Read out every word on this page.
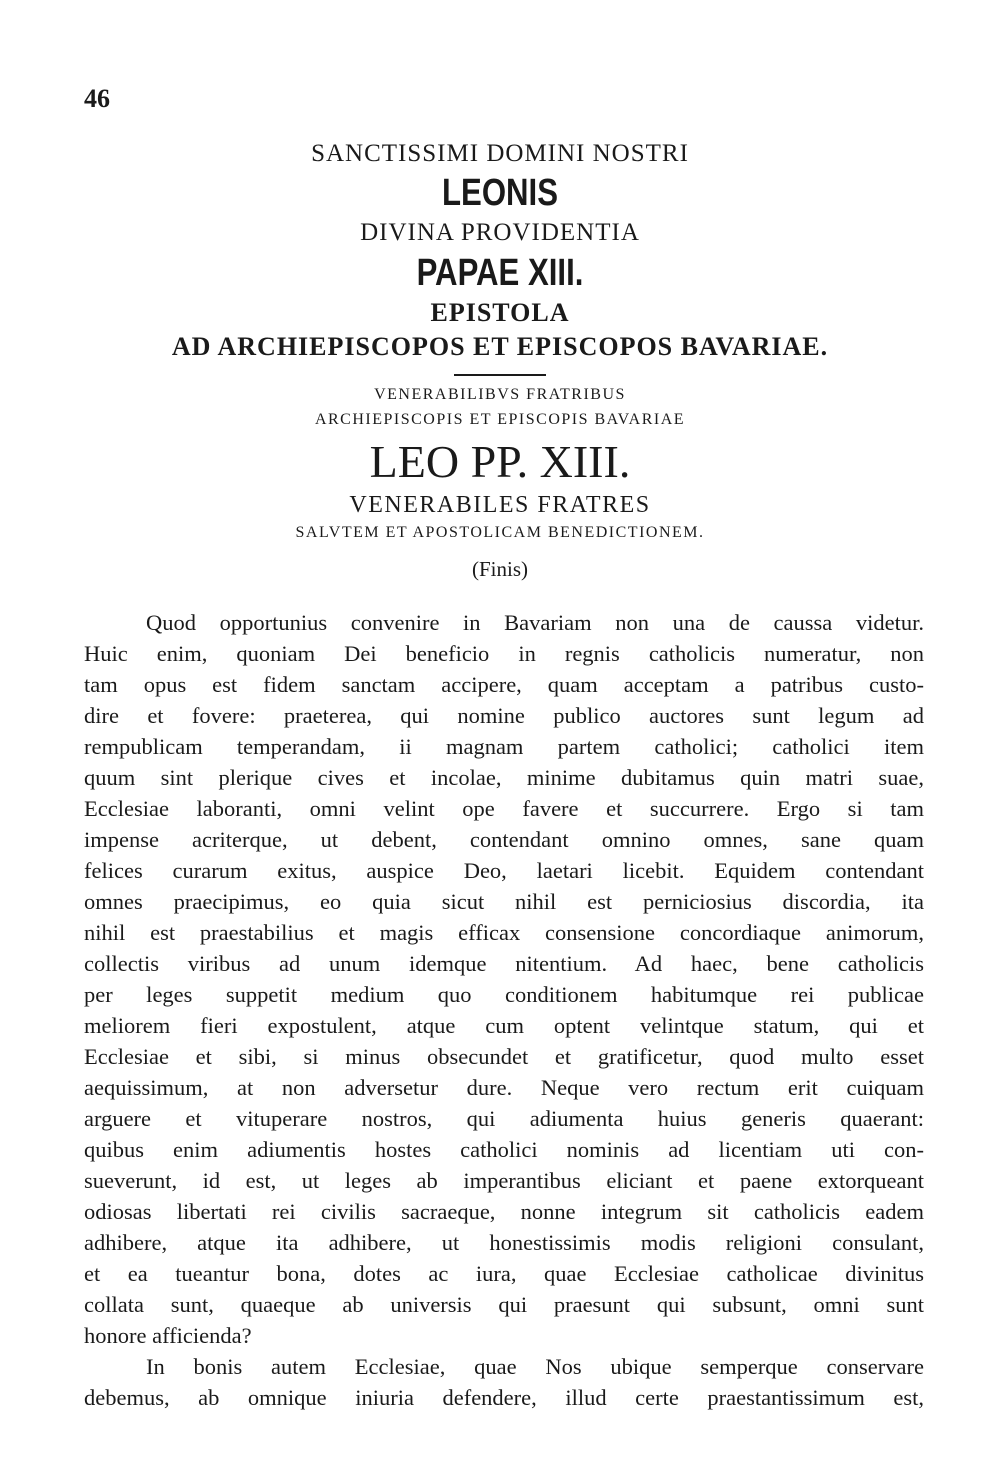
46
SANCTISSIMI DOMINI NOSTRI
LEONIS
DIVINA PROVIDENTIA
PAPAE XIII.
EPISTOLA
AD ARCHIEPISCOPOS ET EPISCOPOS BAVARIAE.
VENERABILIBVS FRATRIBUS
ARCHIEPISCOPIS ET EPISCOPIS BAVARIAE
LEO PP. XIII.
VENERABILES FRATRES
SALVTEM ET APOSTOLICAM BENEDICTIONEM.
(Finis)
Quod opportunius convenire in Bavariam non una de caussa videtur.
Huic enim, quoniam Dei beneficio in regnis catholicis numeratur, non
tam opus est fidem sanctam accipere, quam acceptam a patribus custo-
dire et fovere: praeterea, qui nomine publico auctores sunt legum ad
rempublicam temperandam, ii magnam partem catholici; catholici item
quum sint plerique cives et incolae, minime dubitamus quin matri suae,
Ecclesiae laboranti, omni velint ope favere et succurrere. Ergo si tam
impense acriterque, ut debent, contendant omnino omnes, sane quam
felices curarum exitus, auspice Deo, laetari licebit. Equidem contendant
omnes praecipimus, eo quia sicut nihil est perniciosius discordia, ita
nihil est praestabilius et magis efficax consensione concordiaque animorum,
collectis viribus ad unum idemque nitentium. Ad haec, bene catholicis
per leges suppetit medium quo conditionem habitumque rei publicae
meliorem fieri expostulent, atque cum optent velintque statum, qui et
Ecclesiae et sibi, si minus obsecundet et gratificetur, quod multo esset
aequissimum, at non adversetur dure. Neque vero rectum erit cuiquam
arguere et vituperare nostros, qui adiumenta huius generis quaerant:
quibus enim adiumentis hostes catholici nominis ad licentiam uti con-
sueverunt, id est, ut leges ab imperantibus eliciant et paene extorqueant
odiosas libertati rei civilis sacraeque, nonne integrum sit catholicis eadem
adhibere, atque ita adhibere, ut honestissimis modis religioni consulant,
et ea tueantur bona, dotes ac iura, quae Ecclesiae catholicae divinitus
collata sunt, quaeque ab universis qui praesunt qui subsunt, omni sunt
honore afficienda?
In bonis autem Ecclesiae, quae Nos ubique semperque conservare
debemus, ab omnique iniuria defendere, illud certe praestantissimum est,
